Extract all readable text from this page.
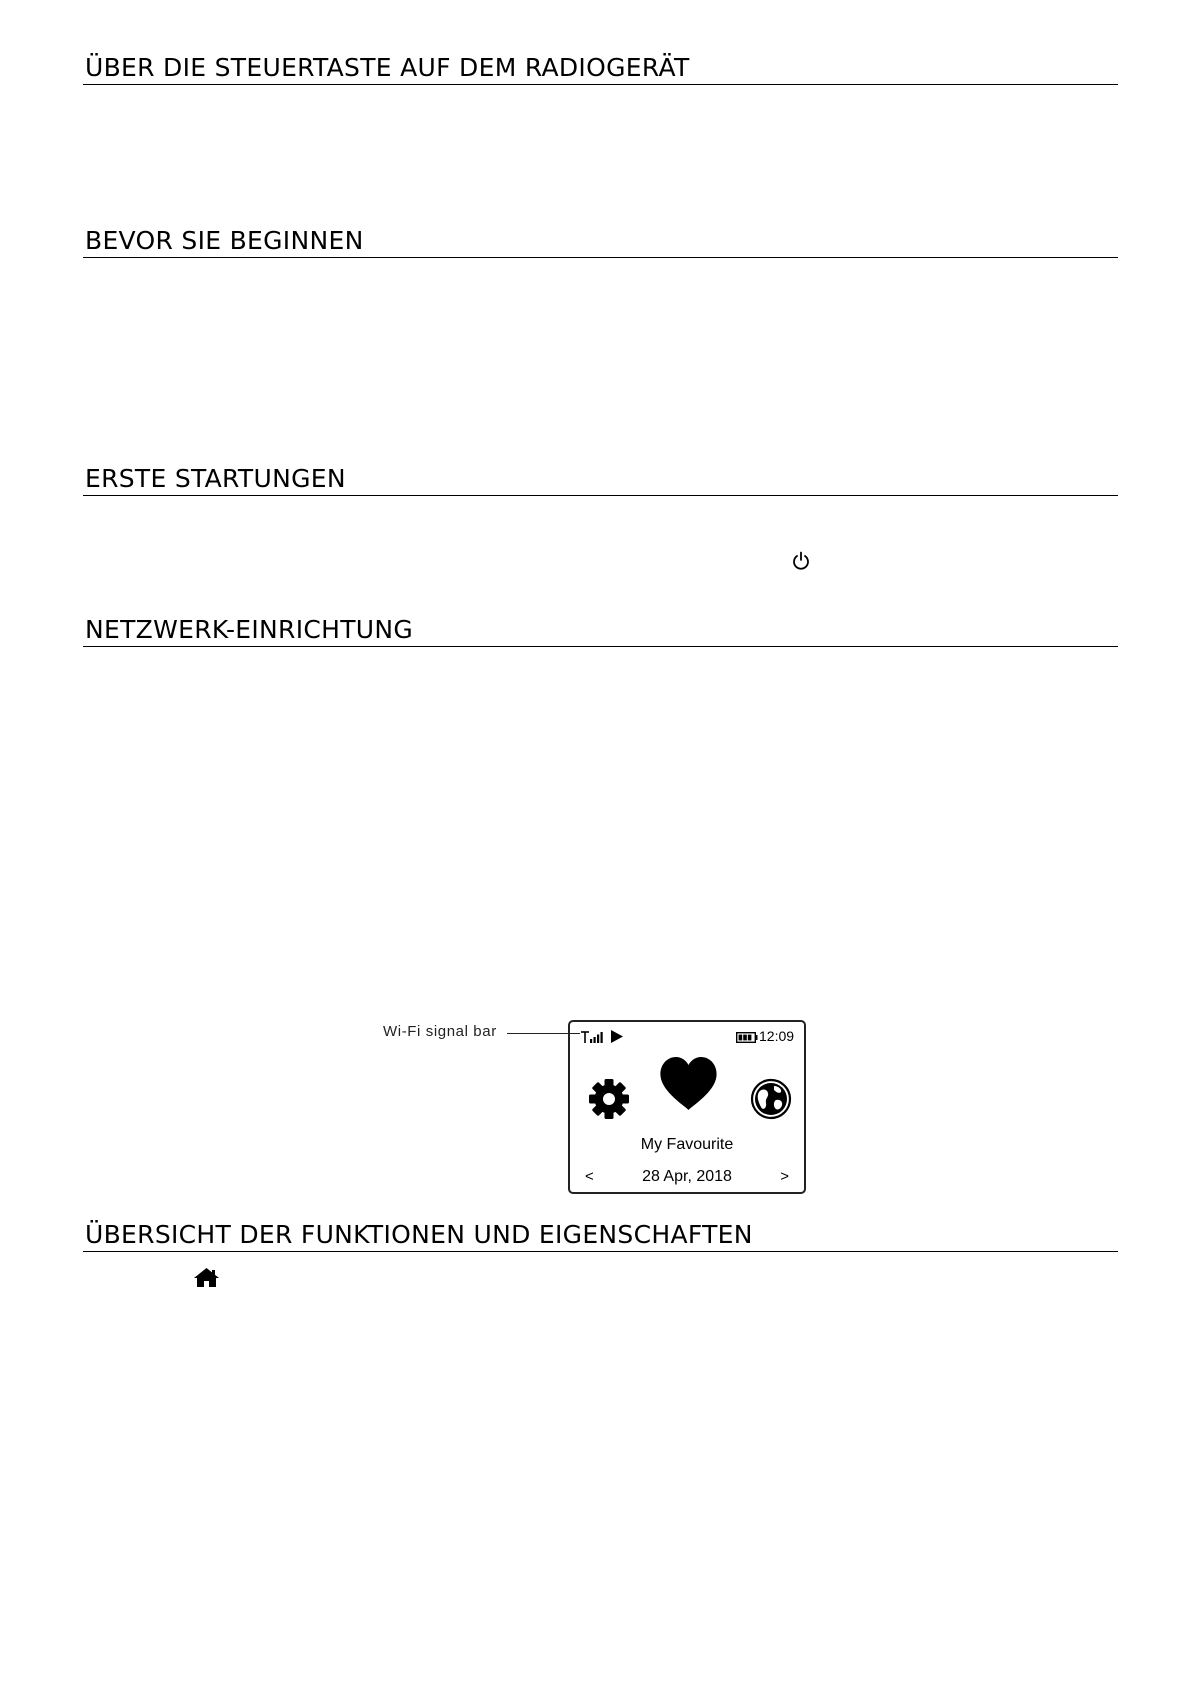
ÜBER DIE STEUERTASTE AUF DEM RADIOGERÄT
BEVOR SIE BEGINNEN
ERSTE STARTUNGEN
NETZWERK-EINRICHTUNG
ÜBERSICHT DER FUNKTIONEN UND EIGENSCHAFTEN
Wi-Fi signal bar	12:09
My Favourite
<	28 Apr, 2018	>
